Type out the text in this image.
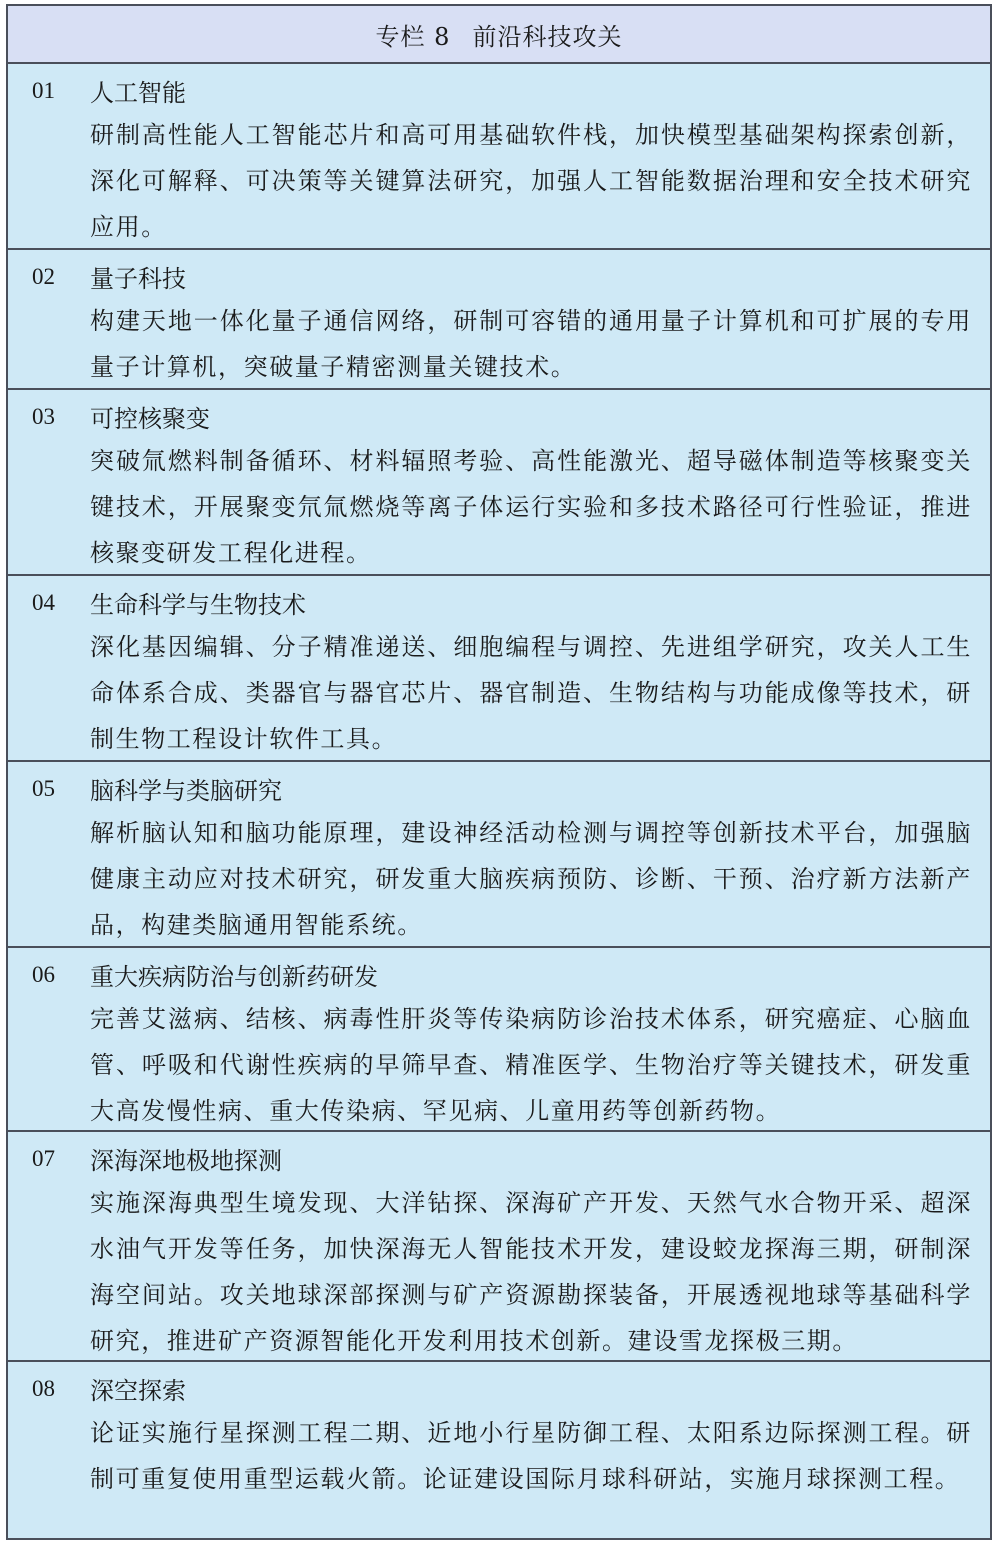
专栏 8 前沿科技攻关
01 人工智能
研制高性能人工智能芯片和高可用基础软件栈，加快模型基础架构探索创新，深化可解释、可决策等关键算法研究，加强人工智能数据治理和安全技术研究应用。
02 量子科技
构建天地一体化量子通信网络，研制可容错的通用量子计算机和可扩展的专用量子计算机，突破量子精密测量关键技术。
03 可控核聚变
突破氚燃料制备循环、材料辐照考验、高性能激光、超导磁体制造等核聚变关键技术，开展聚变氘氚燃烧等离子体运行实验和多技术路径可行性验证，推进核聚变研发工程化进程。
04 生命科学与生物技术
深化基因编辑、分子精准递送、细胞编程与调控、先进组学研究，攻关人工生命体系合成、类器官与器官芯片、器官制造、生物结构与功能成像等技术，研制生物工程设计软件工具。
05 脑科学与类脑研究
解析脑认知和脑功能原理，建设神经活动检测与调控等创新技术平台，加强脑健康主动应对技术研究，研发重大脑疾病预防、诊断、干预、治疗新方法新产品，构建类脑通用智能系统。
06 重大疾病防治与创新药研发
完善艾滋病、结核、病毒性肝炎等传染病防诊治技术体系，研究癌症、心脑血管、呼吸和代谢性疾病的早筛早查、精准医学、生物治疗等关键技术，研发重大高发慢性病、重大传染病、罕见病、儿童用药等创新药物。
07 深海深地极地探测
实施深海典型生境发现、大洋钻探、深海矿产开发、天然气水合物开采、超深水油气开发等任务，加快深海无人智能技术开发，建设蛟龙探海三期，研制深海空间站。攻关地球深部探测与矿产资源勘探装备，开展透视地球等基础科学研究，推进矿产资源智能化开发利用技术创新。建设雪龙探极三期。
08 深空探索
论证实施行星探测工程二期、近地小行星防御工程、太阳系边际探测工程。研制可重复使用重型运载火箭。论证建设国际月球科研站，实施月球探测工程。
